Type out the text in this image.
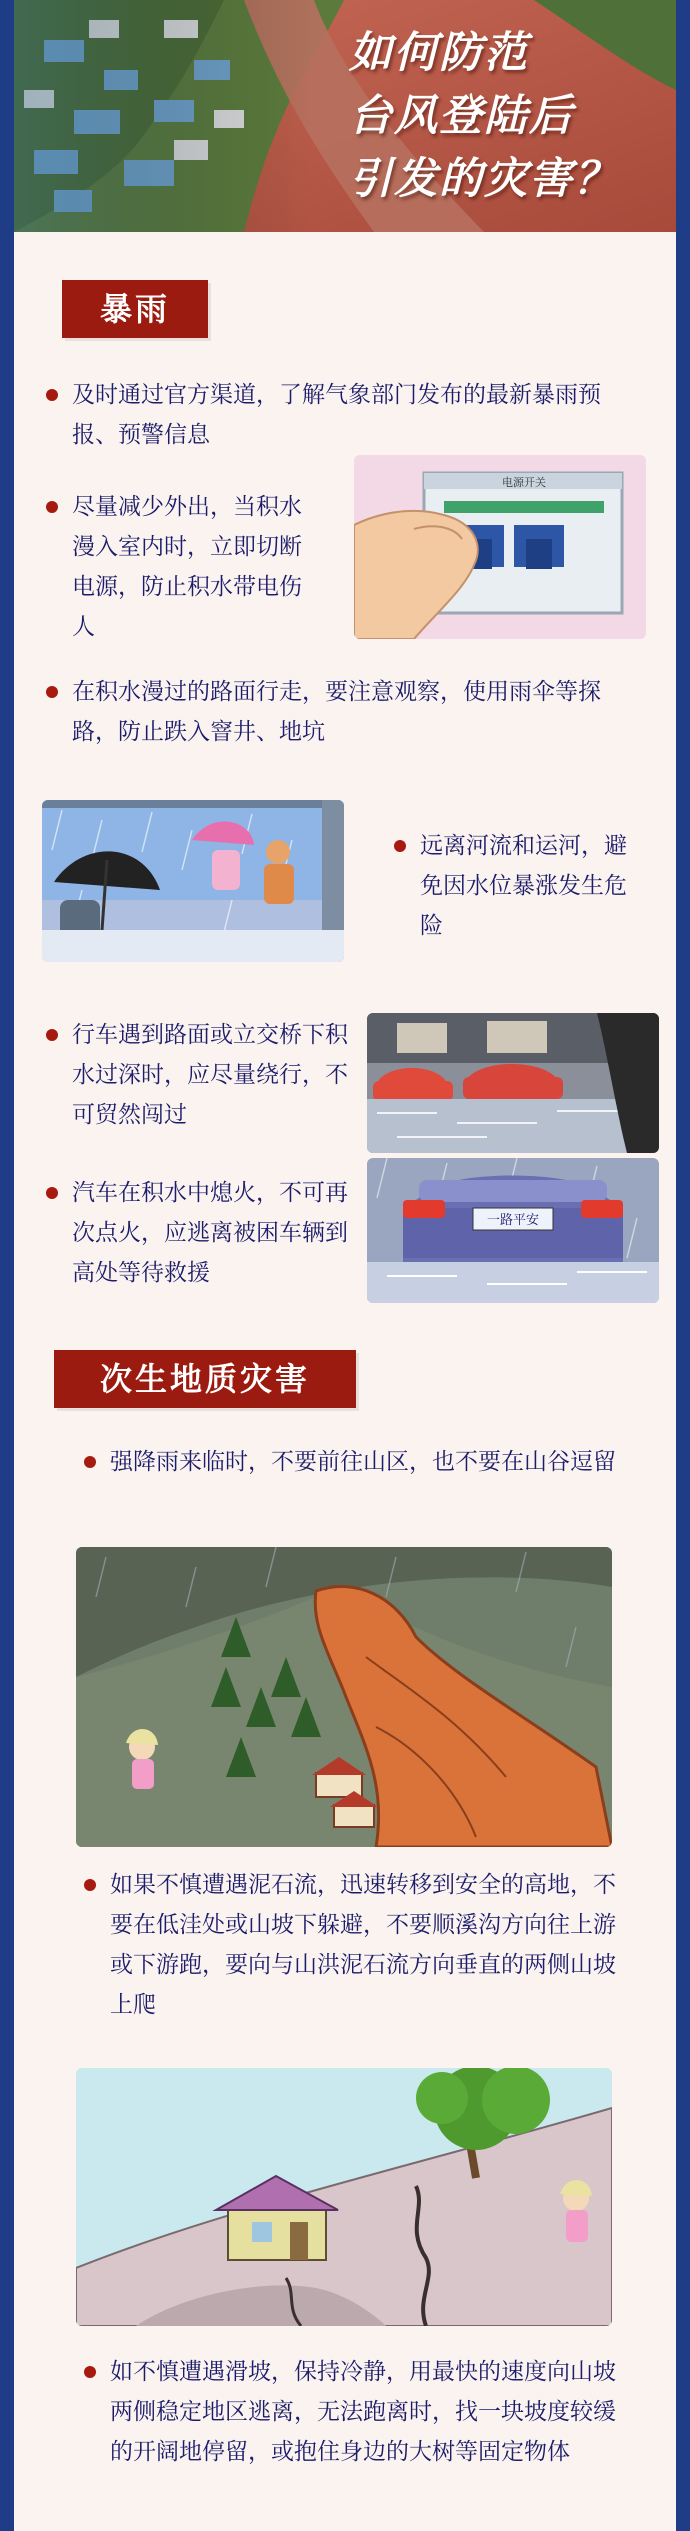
如何防范
台风登陆后
引发的灾害？
暴雨
及时通过官方渠道，了解气象部门发布的最新暴雨预报、预警信息
尽量减少外出，当积水漫入室内时，立即切断电源，防止积水带电伤人
电源开关
在积水漫过的路面行走，要注意观察，使用雨伞等探路，防止跌入窨井、地坑
远离河流和运河，避免因水位暴涨发生危险
行车遇到路面或立交桥下积水过深时，应尽量绕行，不可贸然闯过
汽车在积水中熄火，不可再次点火，应逃离被困车辆到高处等待救援
一路平安
次生地质灾害
强降雨来临时，不要前往山区，也不要在山谷逗留
如果不慎遭遇泥石流，迅速转移到安全的高地，不要在低洼处或山坡下躲避，不要顺溪沟方向往上游或下游跑，要向与山洪泥石流方向垂直的两侧山坡上爬
如不慎遭遇滑坡，保持冷静，用最快的速度向山坡两侧稳定地区逃离，无法跑离时，找一块坡度较缓的开阔地停留，或抱住身边的大树等固定物体
